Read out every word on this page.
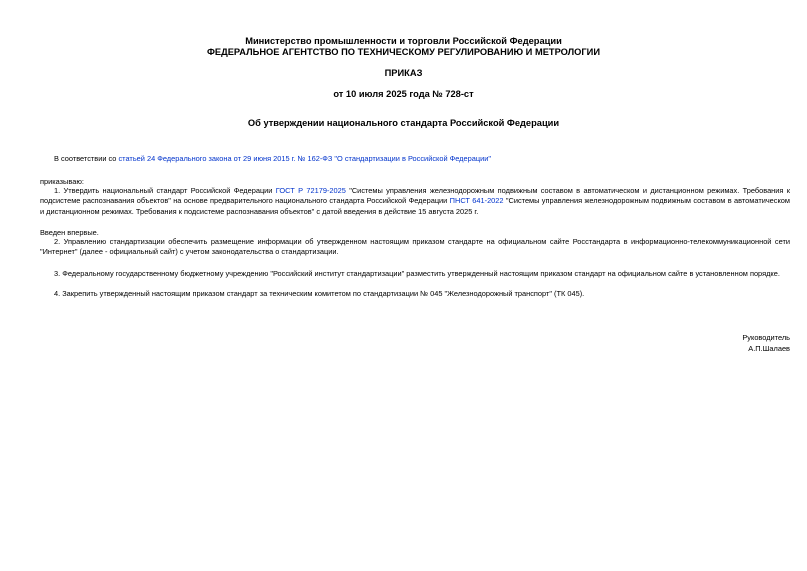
Министерство промышленности и торговли Российской Федерации
ФЕДЕРАЛЬНОЕ АГЕНТСТВО ПО ТЕХНИЧЕСКОМУ РЕГУЛИРОВАНИЮ И МЕТРОЛОГИИ
ПРИКАЗ
от 10 июля 2025 года № 728-ст
Об утверждении национального стандарта Российской Федерации
В соответствии со статьей 24 Федерального закона от 29 июня 2015 г. № 162-ФЗ "О стандартизации в Российской Федерации"
приказываю:
1. Утвердить национальный стандарт Российской Федерации ГОСТ Р 72179-2025 "Системы управления железнодорожным подвижным составом в автоматическом и дистанционном режимах. Требования к подсистеме распознавания объектов" на основе предварительного национального стандарта Российской Федерации ПНСТ 641-2022 "Системы управления железнодорожным подвижным составом в автоматическом и дистанционном режимах. Требования к подсистеме распознавания объектов" с датой введения в действие 15 августа 2025 г.
Введен впервые.
2. Управлению стандартизации обеспечить размещение информации об утвержденном настоящим приказом стандарте на официальном сайте Росстандарта в информационно-телекоммуникационной сети "Интернет" (далее - официальный сайт) с учетом законодательства о стандартизации.
3. Федеральному государственному бюджетному учреждению "Российский институт стандартизации" разместить утвержденный настоящим приказом стандарт на официальном сайте в установленном порядке.
4. Закрепить утвержденный настоящим приказом стандарт за техническим комитетом по стандартизации № 045 "Железнодорожный транспорт" (ТК 045).
Руководитель
А.П.Шалаев
